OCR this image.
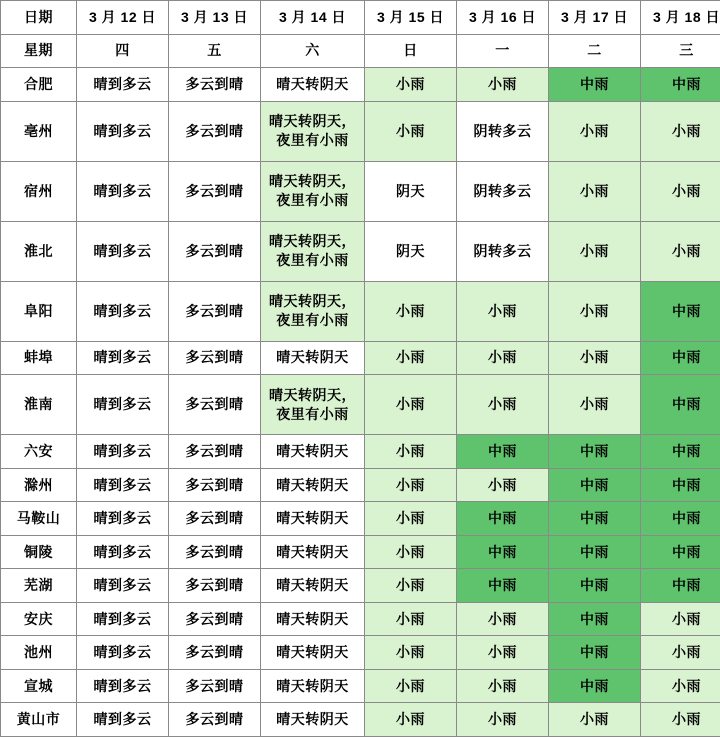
日期	3 月 12 日	3 月 13 日	3 月 14 日	3 月 15 日	3 月 16 日	3 月 17 日	3 月 18 日
星期	四	五	六	日	一	二	三
合肥	晴到多云	多云到晴	晴天转阴天	小雨	小雨	中雨	中雨
亳州	晴到多云	多云到晴	晴天转阴天，
夜里有小雨	小雨	阴转多云	小雨	小雨
宿州	晴到多云	多云到晴	晴天转阴天，
夜里有小雨	阴天	阴转多云	小雨	小雨
淮北	晴到多云	多云到晴	晴天转阴天，
夜里有小雨	阴天	阴转多云	小雨	小雨
阜阳	晴到多云	多云到晴	晴天转阴天，
夜里有小雨	小雨	小雨	小雨	中雨
蚌埠	晴到多云	多云到晴	晴天转阴天	小雨	小雨	小雨	中雨
淮南	晴到多云	多云到晴	晴天转阴天，
夜里有小雨	小雨	小雨	小雨	中雨
六安	晴到多云	多云到晴	晴天转阴天	小雨	中雨	中雨	中雨
滁州	晴到多云	多云到晴	晴天转阴天	小雨	小雨	中雨	中雨
马鞍山	晴到多云	多云到晴	晴天转阴天	小雨	中雨	中雨	中雨
铜陵	晴到多云	多云到晴	晴天转阴天	小雨	中雨	中雨	中雨
芜湖	晴到多云	多云到晴	晴天转阴天	小雨	中雨	中雨	中雨
安庆	晴到多云	多云到晴	晴天转阴天	小雨	小雨	中雨	小雨
池州	晴到多云	多云到晴	晴天转阴天	小雨	小雨	中雨	小雨
宣城	晴到多云	多云到晴	晴天转阴天	小雨	小雨	中雨	小雨
黄山市	晴到多云	多云到晴	晴天转阴天	小雨	小雨	小雨	小雨
